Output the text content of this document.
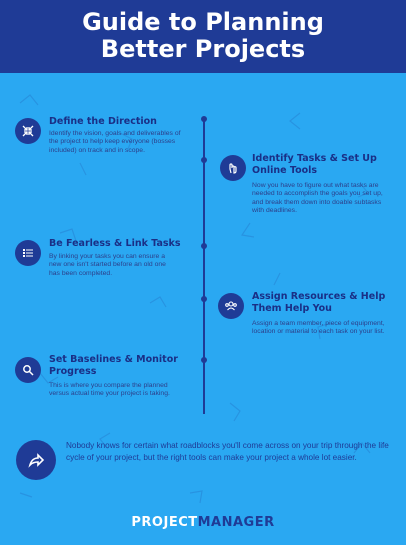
Guide to Planning
Better Projects
Define the Direction
Identify the vision, goals and deliverables of the project to help keep everyone (bosses included) on track and in scope.
Identify Tasks & Set Up Online Tools
Now you have to figure out what tasks are needed to accomplish the goals you set up, and break them down into doable subtasks with deadlines.
Be Fearless & Link Tasks
By linking your tasks you can ensure a new one isn't started before an old one has been completed.
Assign Resources & Help Them Help You
Assign a team member, piece of equipment, location or material to each task on your list.
Set Baselines & Monitor Progress
This is where you compare the planned versus actual time your project is taking.
Nobody knows for certain what roadblocks you'll come across on your trip through the life cycle of your project, but the right tools can make your project a whole lot easier.
PROJECTMANAGER
